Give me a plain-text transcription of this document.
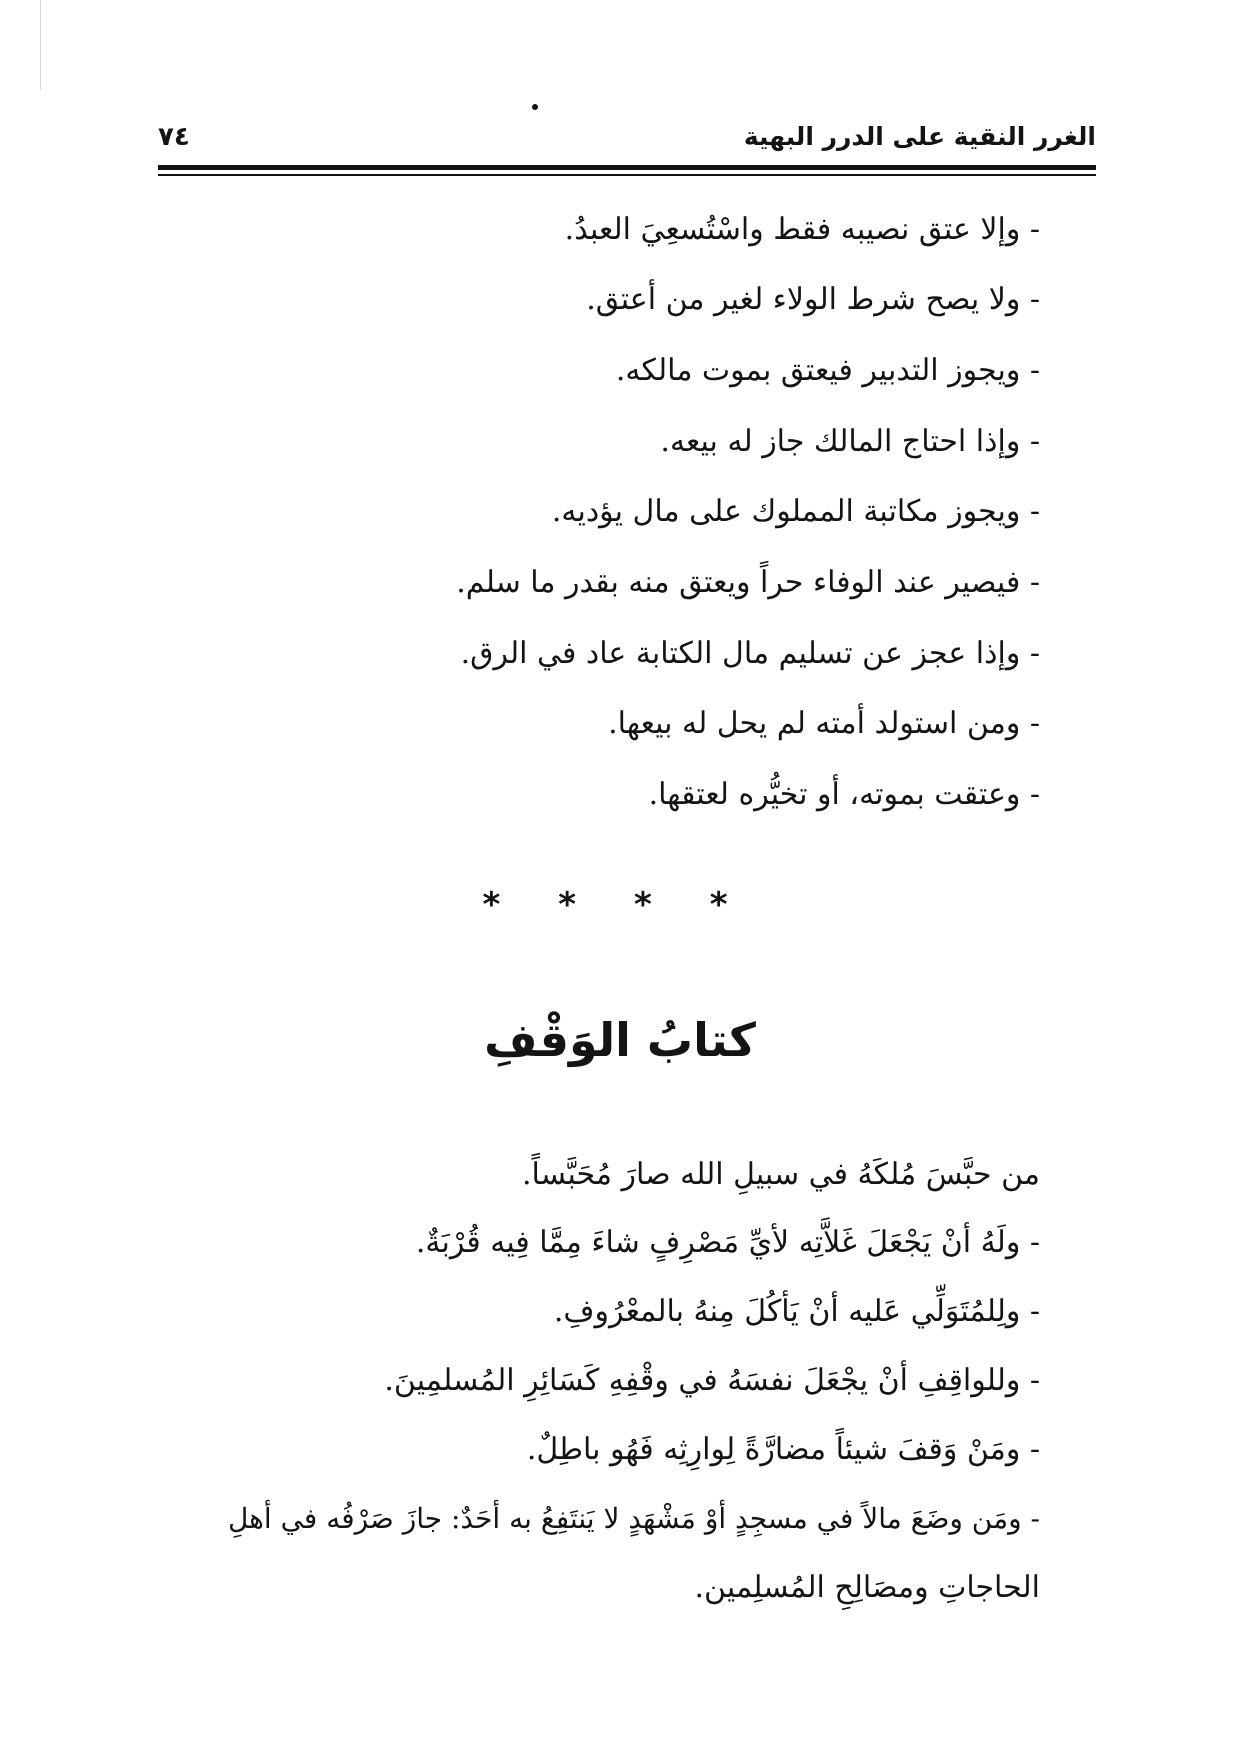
الغرر النقية على الدرر البهية
٧٤
- وإلا عتق نصيبه فقط واسْتُسعِيَ العبدُ.
- ولا يصح شرط الولاء لغير من أعتق.
- ويجوز التدبير فيعتق بموت مالكه.
- وإذا احتاج المالك جاز له بيعه.
- ويجوز مكاتبة المملوك على مال يؤديه.
- فيصير عند الوفاء حراً ويعتق منه بقدر ما سلم.
- وإذا عجز عن تسليم مال الكتابة عاد في الرق.
- ومن استولد أمته لم يحل له بيعها.
- وعتقت بموته، أو تخيُّره لعتقها.
* * * *
كتابُ الوَقْفِ
من حبَّسَ مُلكَهُ في سبيلِ الله صارَ مُحَبَّساً.
- ولَهُ أنْ يَجْعَلَ غَلاَّتِه لأيِّ مَصْرِفٍ شاءَ مِمَّا فِيه قُرْبَةٌ.
- ولِلمُتَوَلِّي عَليه أنْ يَأكُلَ مِنهُ بالمعْرُوفِ.
- وللواقِفِ أنْ يجْعَلَ نفسَهُ في وقْفِهِ كَسَائِرِ المُسلمِينَ.
- ومَنْ وَقفَ شيئاً مضارَّةً لِوارِثِه فَهُو باطِلٌ.
- ومَن وضَعَ مالاً في مسجِدٍ أوْ مَشْهَدٍ لا يَنتَفِعُ به أحَدٌ: جازَ صَرْفُه في أهلِ
الحاجاتِ ومصَالِحِ المُسلِمين.
